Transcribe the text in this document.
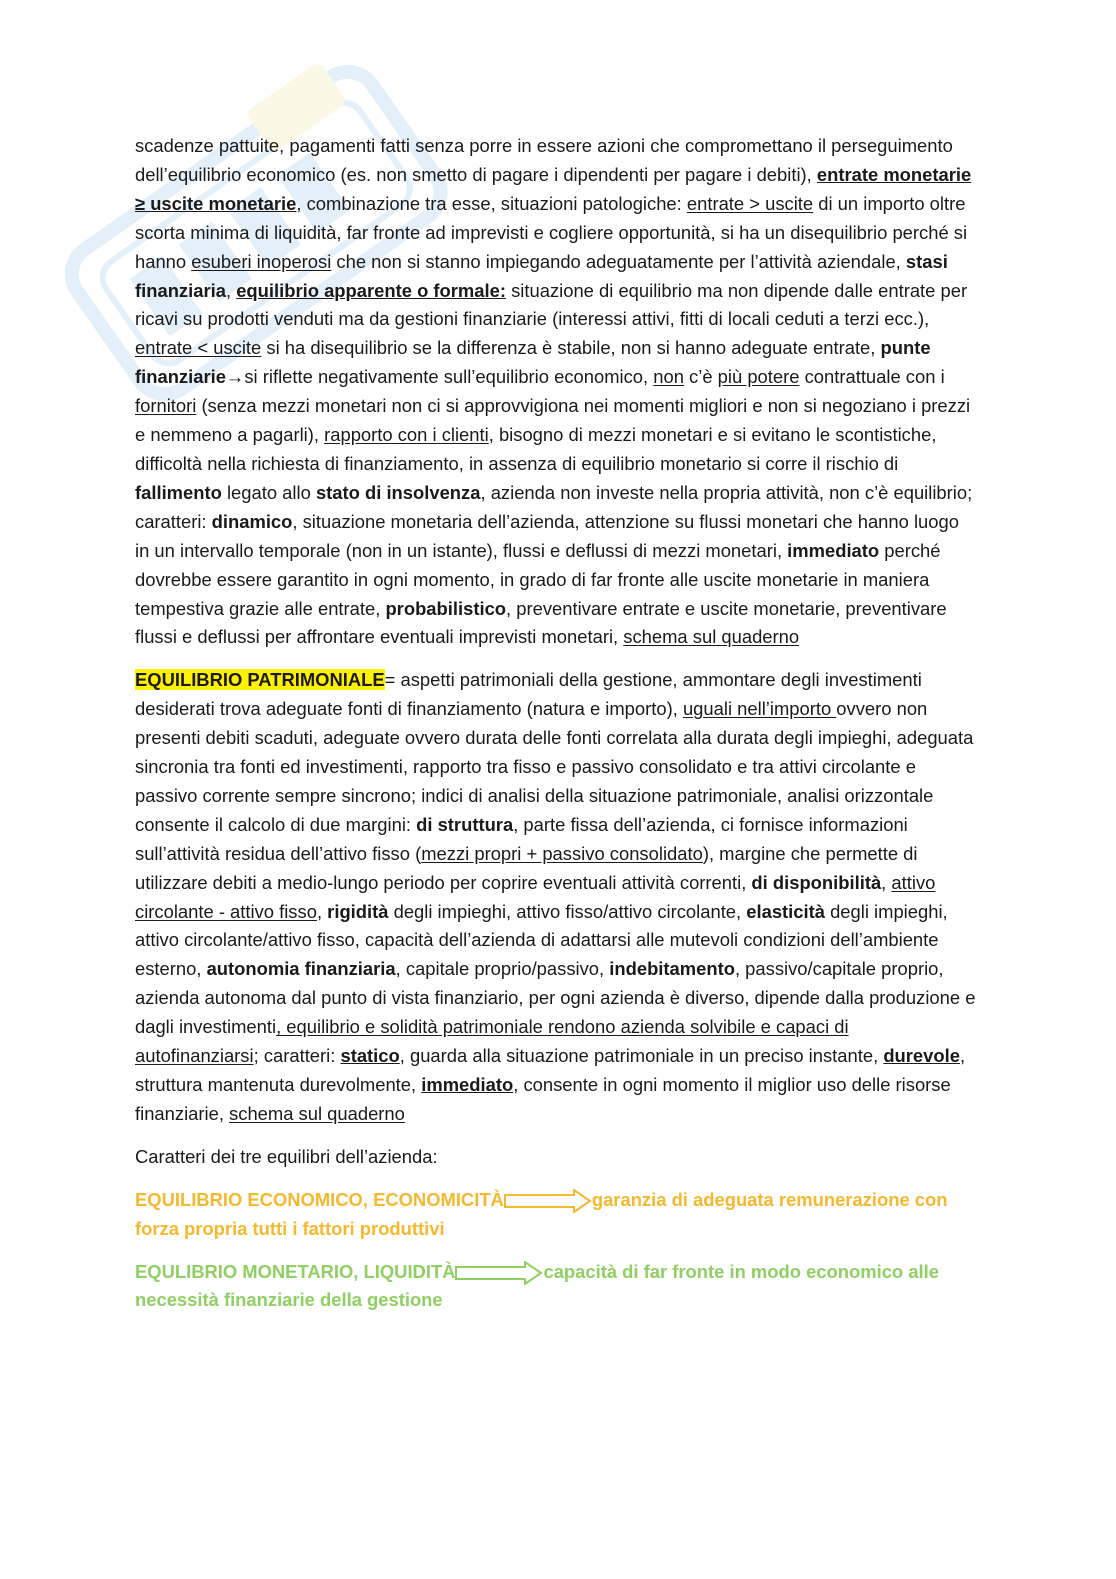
scadenze pattuite, pagamenti fatti senza porre in essere azioni che compromettano il perseguimento dell’equilibrio economico (es. non smetto di pagare i dipendenti per pagare i debiti), entrate monetarie ≥ uscite monetarie, combinazione tra esse, situazioni patologiche: entrate > uscite di un importo oltre scorta minima di liquidità, far fronte ad imprevisti e cogliere opportunità, si ha un disequilibrio perché si hanno esuberi inoperosi che non si stanno impiegando adeguatamente per l’attività aziendale, stasi finanziaria, equilibrio apparente o formale: situazione di equilibrio ma non dipende dalle entrate per ricavi su prodotti venduti ma da gestioni finanziarie (interessi attivi, fitti di locali ceduti a terzi ecc.), entrate < uscite si ha disequilibrio se la differenza è stabile, non si hanno adeguate entrate, punte finanziarie→si riflette negativamente sull’equilibrio economico, non c’è più potere contrattuale con i fornitori (senza mezzi monetari non ci si approvvigiona nei momenti migliori e non si negoziano i prezzi e nemmeno a pagarli), rapporto con i clienti, bisogno di mezzi monetari e si evitano le scontistiche, difficoltà nella richiesta di finanziamento, in assenza di equilibrio monetario si corre il rischio di fallimento legato allo stato di insolvenza, azienda non investe nella propria attività, non c’è equilibrio; caratteri: dinamico, situazione monetaria dell’azienda, attenzione su flussi monetari che hanno luogo in un intervallo temporale (non in un istante), flussi e deflussi di mezzi monetari, immediato perché dovrebbe essere garantito in ogni momento, in grado di far fronte alle uscite monetarie in maniera tempestiva grazie alle entrate, probabilistico, preventivare entrate e uscite monetarie, preventivare flussi e deflussi per affrontare eventuali imprevisti monetari, schema sul quaderno

EQUILIBRIO PATRIMONIALE= aspetti patrimoniali della gestione, ammontare degli investimenti desiderati trova adeguate fonti di finanziamento (natura e importo), uguali nell’importo ovvero non presenti debiti scaduti, adeguate ovvero durata delle fonti correlata alla durata degli impieghi, adeguata sincronia tra fonti ed investimenti, rapporto tra fisso e passivo consolidato e tra attivi circolante e passivo corrente sempre sincrono; indici di analisi della situazione patrimoniale, analisi orizzontale consente il calcolo di due margini: di struttura, parte fissa dell’azienda, ci fornisce informazioni sull’attività residua dell’attivo fisso (mezzi propri + passivo consolidato), margine che permette di utilizzare debiti a medio-lungo periodo per coprire eventuali attività correnti, di disponibilità, attivo circolante - attivo fisso, rigidità degli impieghi, attivo fisso/attivo circolante, elasticità degli impieghi, attivo circolante/attivo fisso, capacità dell’azienda di adattarsi alle mutevoli condizioni dell’ambiente esterno, autonomia finanziaria, capitale proprio/passivo, indebitamento, passivo/capitale proprio, azienda autonoma dal punto di vista finanziario, per ogni azienda è diverso, dipende dalla produzione e dagli investimenti, equilibrio e solidità patrimoniale rendono azienda solvibile e capaci di autofinanziarsi; caratteri: statico, guarda alla situazione patrimoniale in un preciso instante, durevole, struttura mantenuta durevolmente, immediato, consente in ogni momento il miglior uso delle risorse finanziarie, schema sul quaderno

Caratteri dei tre equilibri dell’azienda:

EQUILIBRIO ECONOMICO, ECONOMICITÀ	garanzia di adeguata remunerazione con forza propria tutti i fattori produttivi

EQULIBRIO MONETARIO, LIQUIDITÀ	capacità di far fronte in modo economico alle necessità finanziarie della gestione
